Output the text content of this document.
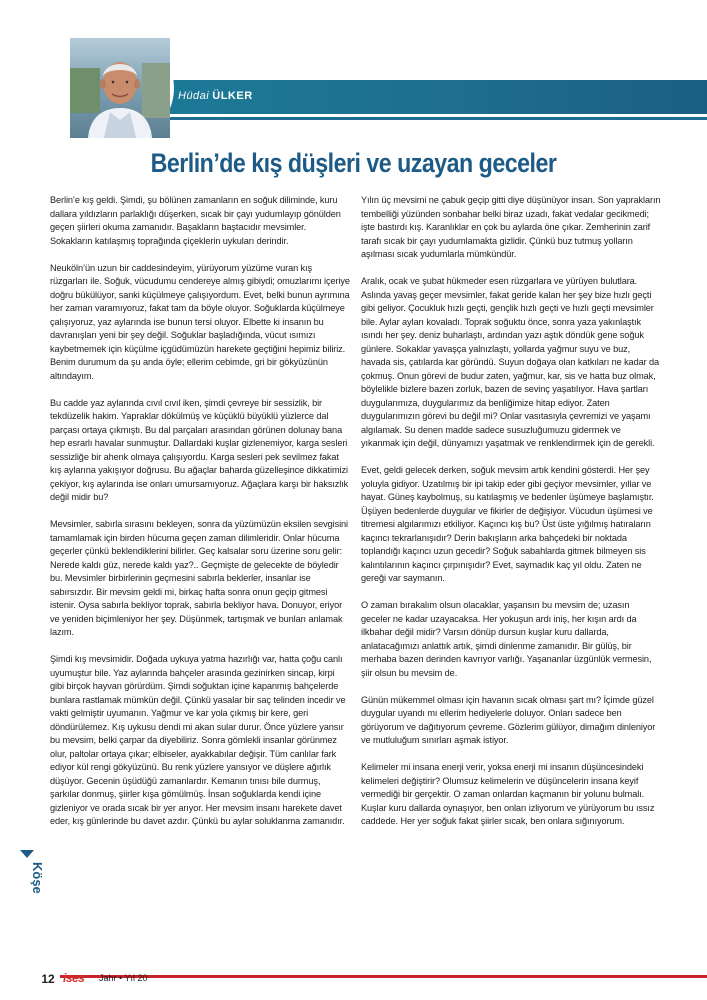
Hüdai ÜLKER
Berlin’de kış düşleri ve uzayan geceler

Berlin’e kış geldi. Şimdi, şu bölünen zamanların en soğuk diliminde, kuru dallara yıldızların parlaklığı düşerken, sıcak bir çayı yudumlayıp gönülden geçen şiirleri okuma zamanıdır. Başakların baştacıdır mevsimler. Sokakların katılaşmış toprağında çiçeklerin uykuları derindir.

Neuköln’ün uzun bir caddesindeyim, yürüyorum yüzüme vuran kış rüzgarları ile. Soğuk, vücudumu cendereye almış gibiydi; omuzlarımı içeriye doğru bükülüyor, sanki küçülmeye çalışıyordum. Evet, belki bunun ayrımına her zaman varamıyoruz, fakat tam da böyle oluyor. Soğuklarda küçülmeye çalışıyoruz, yaz aylarında ise bunun tersi oluyor. Elbette ki insanın bu davranışları yeni bir şey değil. Soğuklar başladığında, vücut ısımızı kaybetmemek için küçülme içgüdümüzün harekete geçtiğini hepimiz biliriz. Benim durumum da şu anda öyle; ellerim cebimde, gri bir gökyüzünün altındayım.

Bu cadde yaz aylarında cıvıl cıvıl iken, şimdi çevreye bir sessizlik, bir tekdüzelik hakim. Yapraklar dökülmüş ve küçüklü büyüklü yüzlerce dal parçası ortaya çıkmıştı. Bu dal parçaları arasından görünen dolunay bana hep esrarlı havalar sunmuştur. Dallardaki kuşlar gizlenemiyor, karga sesleri sessizliğe bir ahenk olmaya çalışıyordu. Karga sesleri pek sevilmez fakat kış aylarına yakışıyor doğrusu. Bu ağaçlar baharda güzelleşince dikkatimizi çekiyor, kış aylarında ise onları umursamıyoruz. Ağaçlara karşı bir haksızlık değil midir bu?

Mevsimler, sabırla sırasını bekleyen, sonra da yüzümüzün eksilen sevgisini tamamlamak için birden hücuma geçen zaman dilimleridir. Onlar hücuma geçerler çünkü beklendiklerini bilirler. Geç kalsalar soru üzerine soru gelir: Nerede kaldı güz, nerede kaldı yaz?.. Geçmişte de gelecekte de böyledir bu. Mevsimler birbirlerinin geçmesini sabırla beklerler, insanlar ise sabırsızdır. Bir mevsim geldi mi, birkaç hafta sonra onun geçip gitmesi istenir. Oysa sabırla bekliyor toprak, sabırla bekliyor hava. Donuyor, eriyor ve yeniden biçimleniyor her şey. Düşünmek, tartışmak ve bunları anlamak lazım.

Şimdi kış mevsimidir. Doğada uykuya yatma hazırlığı var, hatta çoğu canlı uyumuştur bile. Yaz aylarında bahçeler arasında gezinirken sincap, kirpi gibi birçok hayvan görürdüm. Şimdi soğuktan içine kapanmış bahçelerde bunlara rastlamak mümkün değil. Çünkü yasalar bir saç telinden incedir ve vakti gelmiştir uyumanın. Yağmur ve kar yola çıkmış bir kere, geri döndürülemez. Kış uykusu dendi mi akan sular durur. Önce yüzlere yansır bu mevsim, belki çarpar da diyebiliriz. Sonra gömlekli insanlar görünmez olur, paltolar ortaya çıkar; elbiseler, ayakkabılar değişir. Tüm canlılar fark ediyor kül rengi gökyüzünü. Bu renk yüzlere yansıyor ve düşlere ağırlık düşüyor. Gecenin üşüdüğü zamanlardır. Kemanın tınısı bile durmuş, şarkılar donmuş, şiirler kışa gömülmüş. İnsan soğuklarda kendi içine gizleniyor ve orada sıcak bir yer arıyor. Her mevsim insanı harekete davet eder, kış günlerinde bu davet azdır. Çünkü bu aylar soluklanma zamanıdır.

Yılın üç mevsimi ne çabuk geçip gitti diye düşünüyor insan. Son yaprakların tembelliği yüzünden sonbahar belki biraz uzadı, fakat vedalar gecikmedi; işte bastırdı kış. Karanlıklar en çok bu aylarda öne çıkar. Zemherinin zarif tarafı sıcak bir çayı yudumlamakta gizlidir. Çünkü buz tutmuş yolların aşılması sıcak yudumlarla mümkündür.

Aralık, ocak ve şubat hükmeder esen rüzgarlara ve yürüyen bulutlara. Aslında yavaş geçer mevsimler, fakat geride kalan her şey bize hızlı geçti gibi geliyor. Çocukluk hızlı geçti, gençlik hızlı geçti ve hızlı geçti mevsimler bile. Aylar ayları kovaladı. Toprak soğuktu önce, sonra yaza yakınlaştık ısındı her şey. deniz buharlaştı, ardından yazı aştık döndük gene soğuk günlere. Sokaklar yavaşça yalnızlaştı, yollarda yağmur suyu ve buz, havada sis, çatılarda kar göründü. Suyun doğaya olan katkıları ne kadar da çokmuş. Onun görevi de budur zaten, yağmur, kar, sis ve hatta buz olmak, böylelikle bizlere bazen zorluk, bazen de sevinç yaşatılıyor. Hava şartları duygularımıza, duygularımız da benliğimize hitap ediyor. Zaten duygularımızın görevi bu değil mi? Onlar vasıtasıyla çevremizi ve yaşamı algılamak. Su denen madde sadece susuzluğumuzu gidermek ve yıkanmak için değil, dünyamızı yaşatmak ve renklendirmek için de gerekli.

Evet, geldi gelecek derken, soğuk mevsim artık kendini gösterdi. Her şey yoluyla gidiyor. Uzatılmış bir ipi takip eder gibi geçiyor mevsimler, yıllar ve hayat. Güneş kaybolmuş, su katılaşmış ve bedenler üşümeye başlamıştır. Üşüyen bedenlerde duygular ve fikirler de değişiyor. Vücudun üşümesi ve titremesi algılarımızı etkiliyor. Kaçıncı kış bu? Üst üste yığılmış hatıraların kaçıncı tekrarlanışıdır? Derin bakışların arka bahçedeki bir noktada toplandığı kaçıncı uzun gecedir? Soğuk sabahlarda gitmek bilmeyen sis kalıntılarının kaçıncı çırpınışıdır? Evet, saymadık kaç yıl oldu. Zaten ne gereği var saymanın.

O zaman bırakalım olsun olacaklar, yaşansın bu mevsim de; uzasın geceler ne kadar uzayacaksa. Her yokuşun ardı iniş, her kışın ardı da ilkbahar değil midir? Varsın dönüp dursun kuşlar kuru dallarda, anlatacağımızı anlattık artık, şimdi dinlenme zamanıdır. Bir gülüş, bir merhaba bazen derinden kavrıyor varlığı. Yaşananlar üzgünlük vermesin, şiir olsun bu mevsim de.

Günün mükemmel olması için havanın sıcak olması şart mı? İçimde güzel duygular uyandı mı ellerim hediyelerle doluyor. Onları sadece ben görüyorum ve dağıtıyorum çevreme. Gözlerim gülüyor, dimağım dinleniyor ve mutluluğum sınırları aşmak istiyor.

Kelimeler mi insana enerji verir, yoksa enerji mi insanın düşüncesindeki kelimeleri değiştirir? Olumsuz kelimelerin ve düşüncelerin insana keyif vermediği bir gerçektir. O zaman onlardan kaçmanın bir yolunu bulmalı. Kuşlar kuru dallarda oynaşıyor, ben onları izliyorum ve yürüyorum bu ıssız caddede. Her yer soğuk fakat şiirler sıcak, ben onlara sığınıyorum.

Köşe
12 ises Jahr • Yıl 20
